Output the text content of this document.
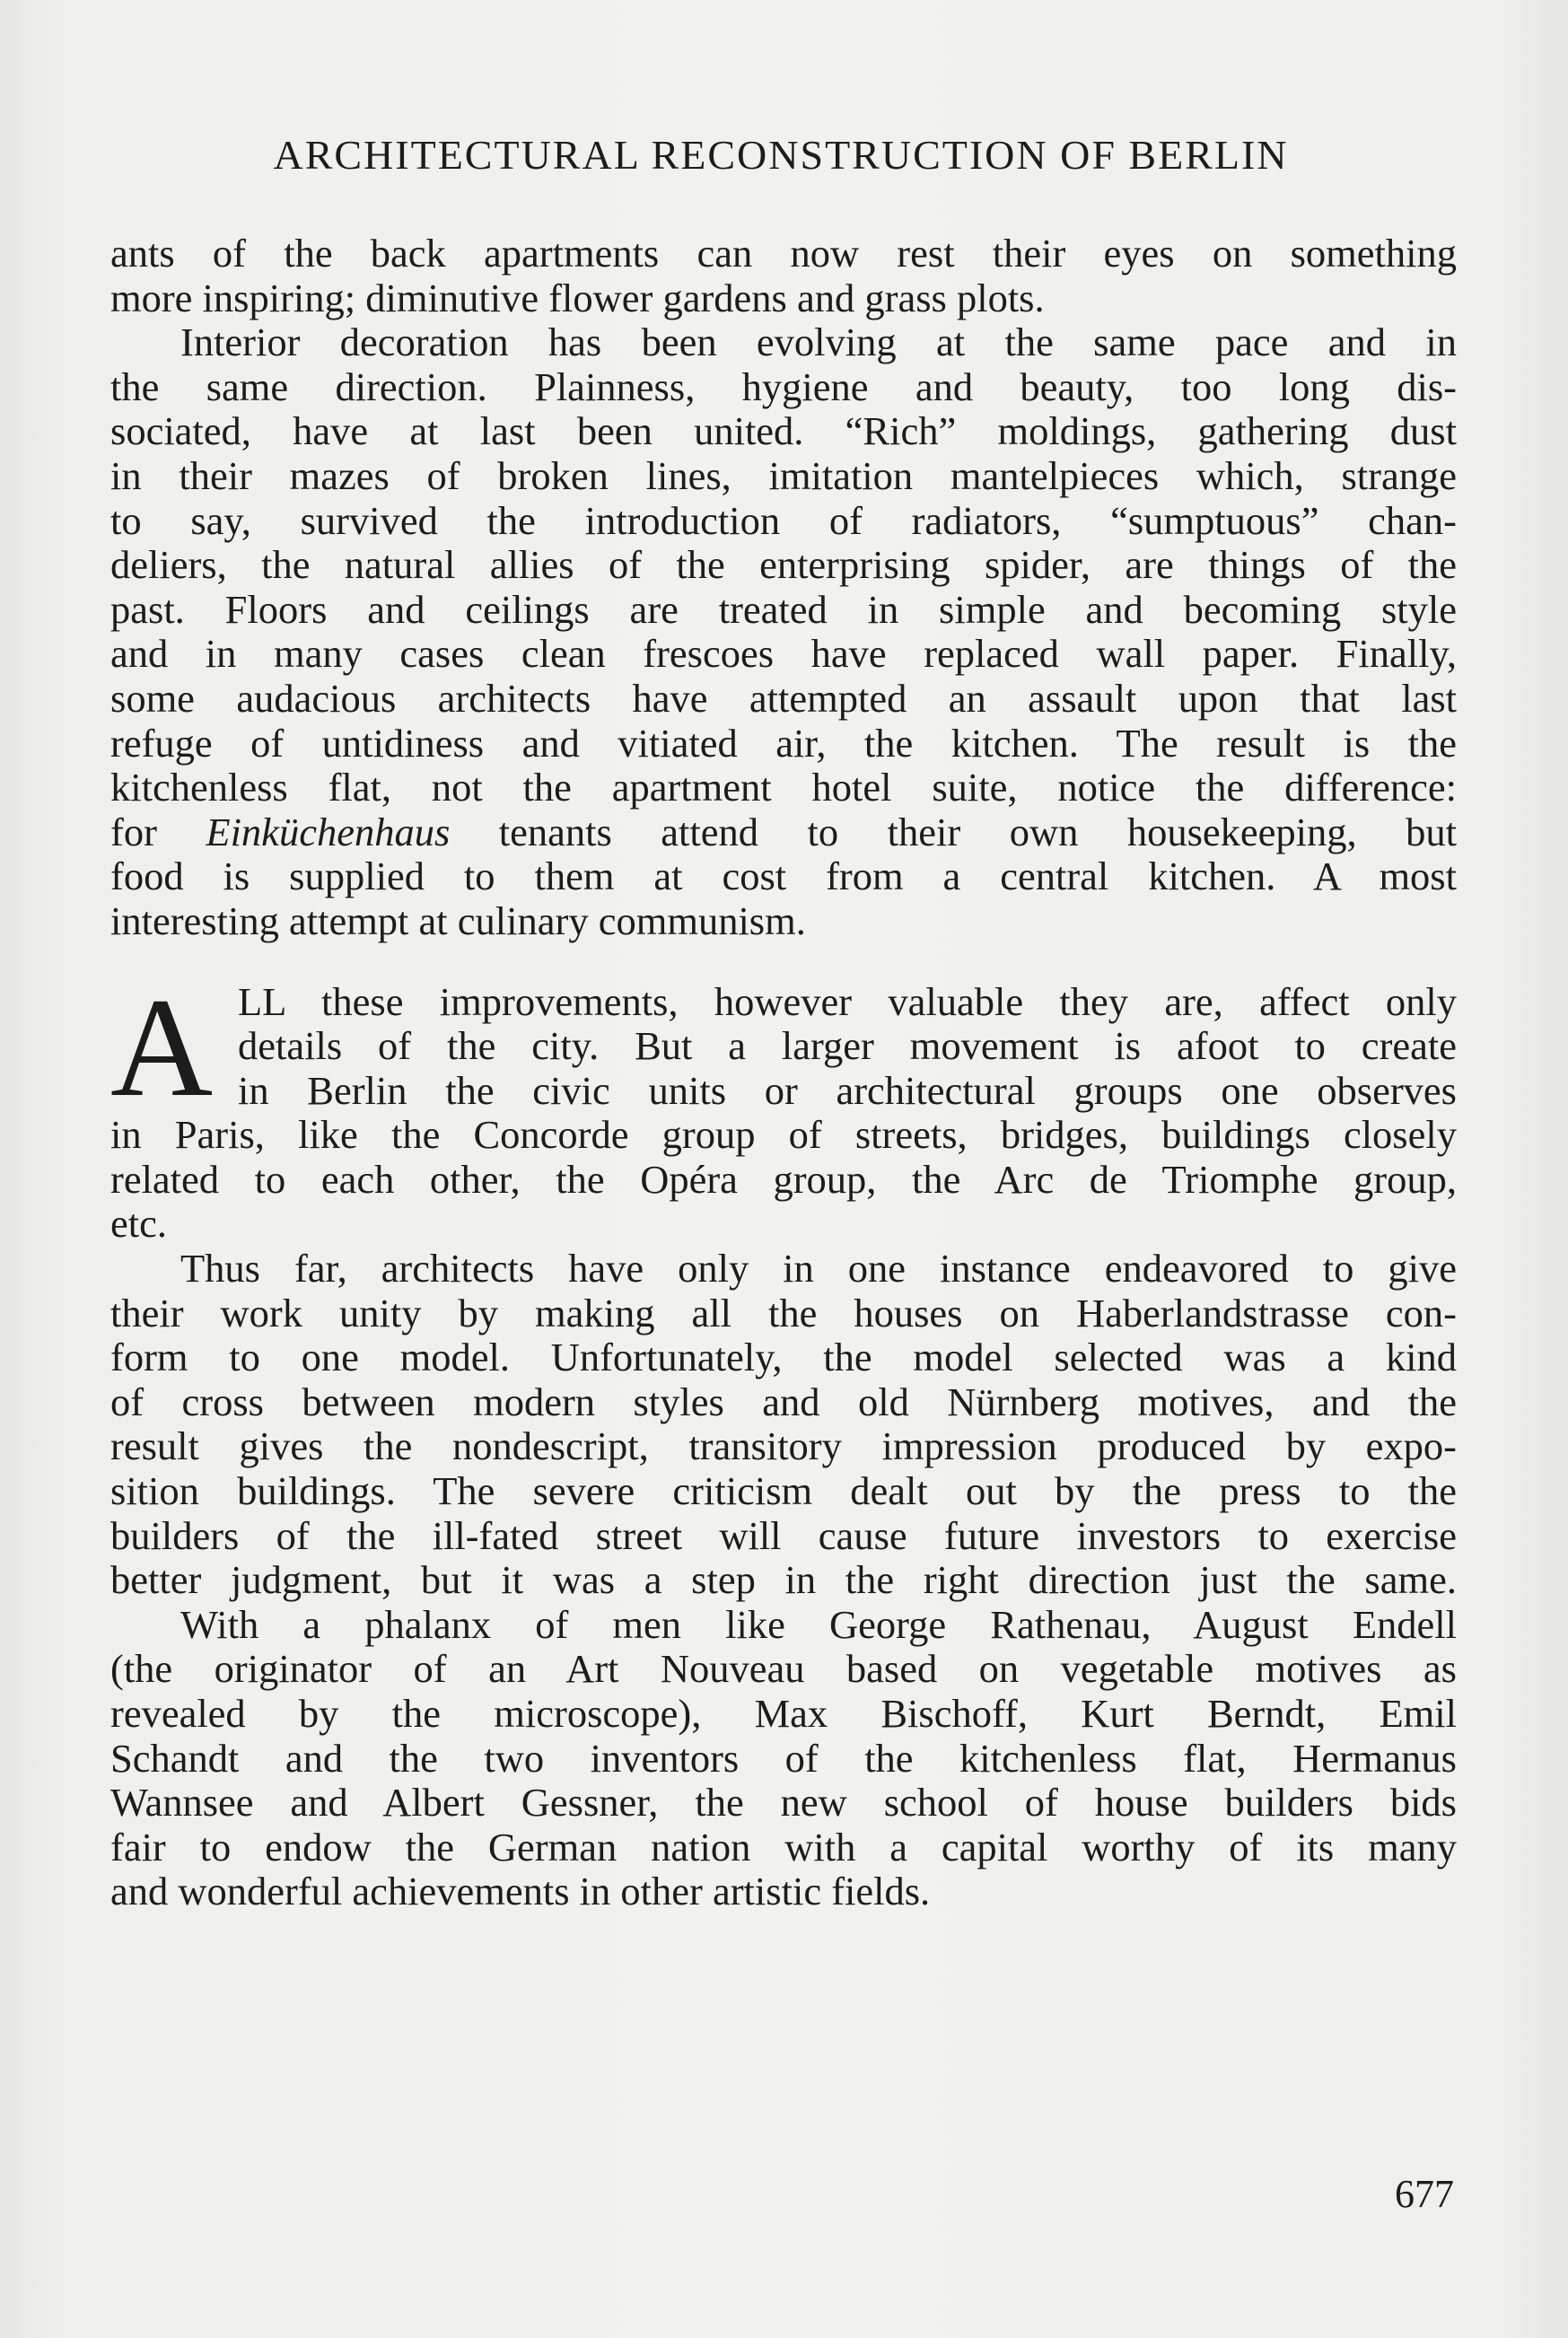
ARCHITECTURAL RECONSTRUCTION OF BERLIN
ants of the back apartments can now rest their eyes on something
more inspiring; diminutive flower gardens and grass plots.
Interior decoration has been evolving at the same pace and in
the same direction. Plainness, hygiene and beauty, too long dis-
sociated, have at last been united. “Rich” moldings, gathering dust
in their mazes of broken lines, imitation mantelpieces which, strange
to say, survived the introduction of radiators, “sumptuous” chan-
deliers, the natural allies of the enterprising spider, are things of the
past. Floors and ceilings are treated in simple and becoming style
and in many cases clean frescoes have replaced wall paper. Finally,
some audacious architects have attempted an assault upon that last
refuge of untidiness and vitiated air, the kitchen. The result is the
kitchenless flat, not the apartment hotel suite, notice the difference:
for Einküchenhaus tenants attend to their own housekeeping, but
food is supplied to them at cost from a central kitchen. A most
interesting attempt at culinary communism.
A LL these improvements, however valuable they are, affect only
details of the city. But a larger movement is afoot to create
in Berlin the civic units or architectural groups one observes
in Paris, like the Concorde group of streets, bridges, buildings closely
related to each other, the Opéra group, the Arc de Triomphe group,
etc.
Thus far, architects have only in one instance endeavored to give
their work unity by making all the houses on Haberlandstrasse con-
form to one model. Unfortunately, the model selected was a kind
of cross between modern styles and old Nürnberg motives, and the
result gives the nondescript, transitory impression produced by expo-
sition buildings. The severe criticism dealt out by the press to the
builders of the ill-fated street will cause future investors to exercise
better judgment, but it was a step in the right direction just the same.
With a phalanx of men like George Rathenau, August Endell
(the originator of an Art Nouveau based on vegetable motives as
revealed by the microscope), Max Bischoff, Kurt Berndt, Emil
Schandt and the two inventors of the kitchenless flat, Hermanus
Wannsee and Albert Gessner, the new school of house builders bids
fair to endow the German nation with a capital worthy of its many
and wonderful achievements in other artistic fields.
677
